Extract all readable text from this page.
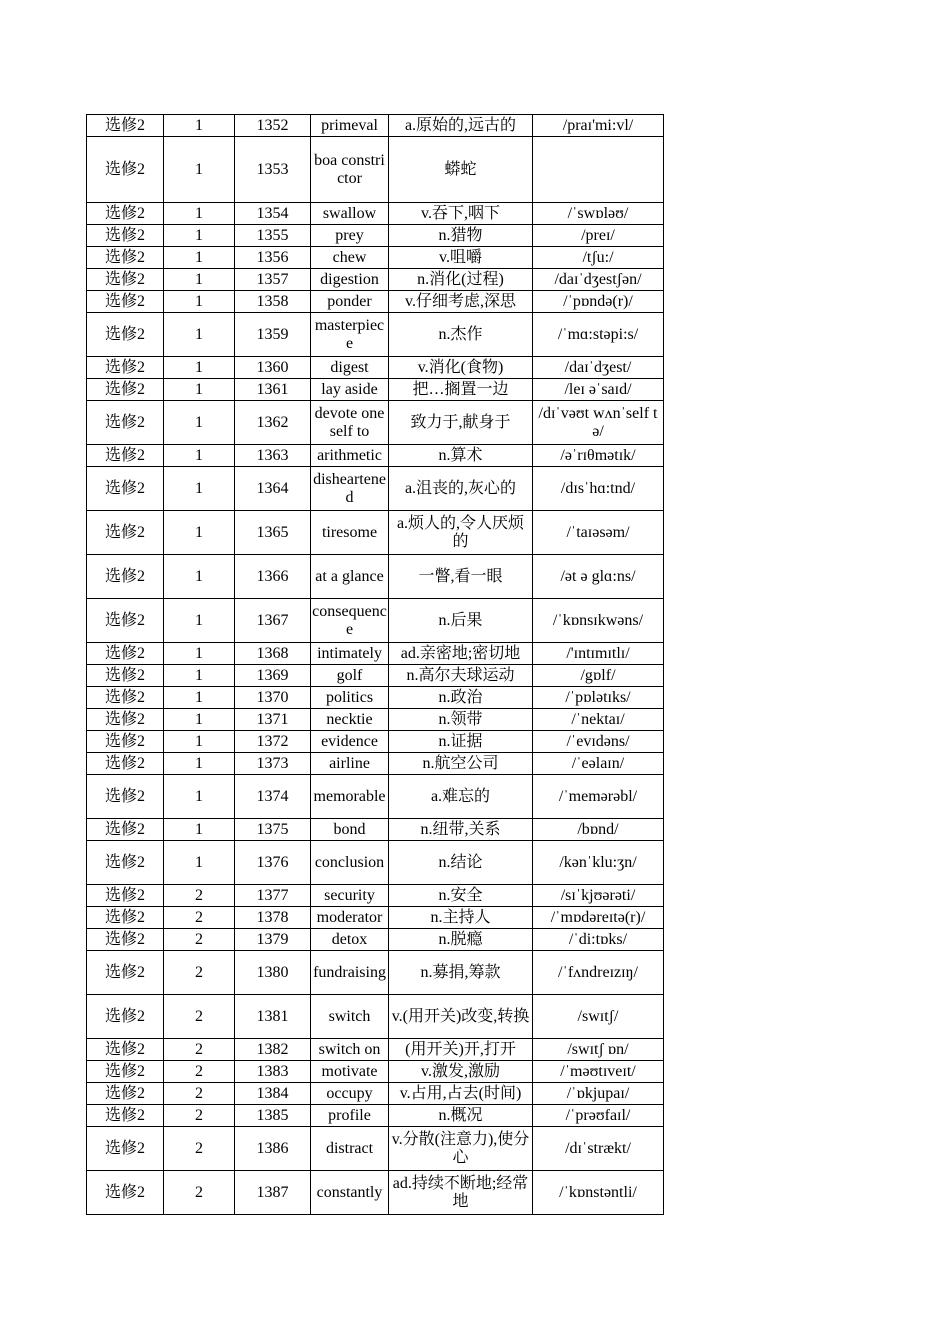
选修2	1	1352	primeval	a.原始的,远古的	/praɪ'mi:vl/
选修2	1	1353	boa constrictor	蟒蛇	
选修2	1	1354	swallow	v.吞下,咽下	/ˈswɒləʊ/
选修2	1	1355	prey	n.猎物	/preɪ/
选修2	1	1356	chew	v.咀嚼	/tʃu:/
选修2	1	1357	digestion	n.消化(过程)	/daɪˈdʒestʃən/
选修2	1	1358	ponder	v.仔细考虑,深思	/ˈpɒndə(r)/
选修2	1	1359	masterpiece	n.杰作	/ˈmɑ:stəpi:s/
选修2	1	1360	digest	v.消化(食物)	/daɪˈdʒest/
选修2	1	1361	lay aside	把…搁置一边	/leɪ əˈsaɪd/
选修2	1	1362	devote oneself to	致力于,献身于	/dɪˈvəʊt wʌnˈself tə/
选修2	1	1363	arithmetic	n.算术	/əˈrɪθmətɪk/
选修2	1	1364	disheartened	a.沮丧的,灰心的	/dɪsˈhɑ:tnd/
选修2	1	1365	tiresome	a.烦人的,令人厌烦的	/ˈtaɪəsəm/
选修2	1	1366	at a glance	一瞥,看一眼	/ət ə glɑ:ns/
选修2	1	1367	consequence	n.后果	/ˈkɒnsɪkwəns/
选修2	1	1368	intimately	ad.亲密地;密切地	/'ɪntɪmɪtlɪ/
选修2	1	1369	golf	n.高尔夫球运动	/gɒlf/
选修2	1	1370	politics	n.政治	/ˈpɒlətɪks/
选修2	1	1371	necktie	n.领带	/ˈnektaɪ/
选修2	1	1372	evidence	n.证据	/ˈevɪdəns/
选修2	1	1373	airline	n.航空公司	/ˈeəlaɪn/
选修2	1	1374	memorable	a.难忘的	/ˈmemərəbl/
选修2	1	1375	bond	n.纽带,关系	/bɒnd/
选修2	1	1376	conclusion	n.结论	/kənˈklu:ʒn/
选修2	2	1377	security	n.安全	/sɪˈkjʊərəti/
选修2	2	1378	moderator	n.主持人	/ˈmɒdəreɪtə(r)/
选修2	2	1379	detox	n.脱瘾	/ˈdi:tɒks/
选修2	2	1380	fundraising	n.募捐,筹款	/ˈfʌndreɪzɪŋ/
选修2	2	1381	switch	v.(用开关)改变,转换	/swɪtʃ/
选修2	2	1382	switch on	(用开关)开,打开	/swɪtʃ ɒn/
选修2	2	1383	motivate	v.激发,激励	/ˈməʊtɪveɪt/
选修2	2	1384	occupy	v.占用,占去(时间)	/ˈɒkjupaɪ/
选修2	2	1385	profile	n.概况	/ˈprəʊfaɪl/
选修2	2	1386	distract	v.分散(注意力),使分心	/dɪˈstrækt/
选修2	2	1387	constantly	ad.持续不断地;经常地	/ˈkɒnstəntli/
